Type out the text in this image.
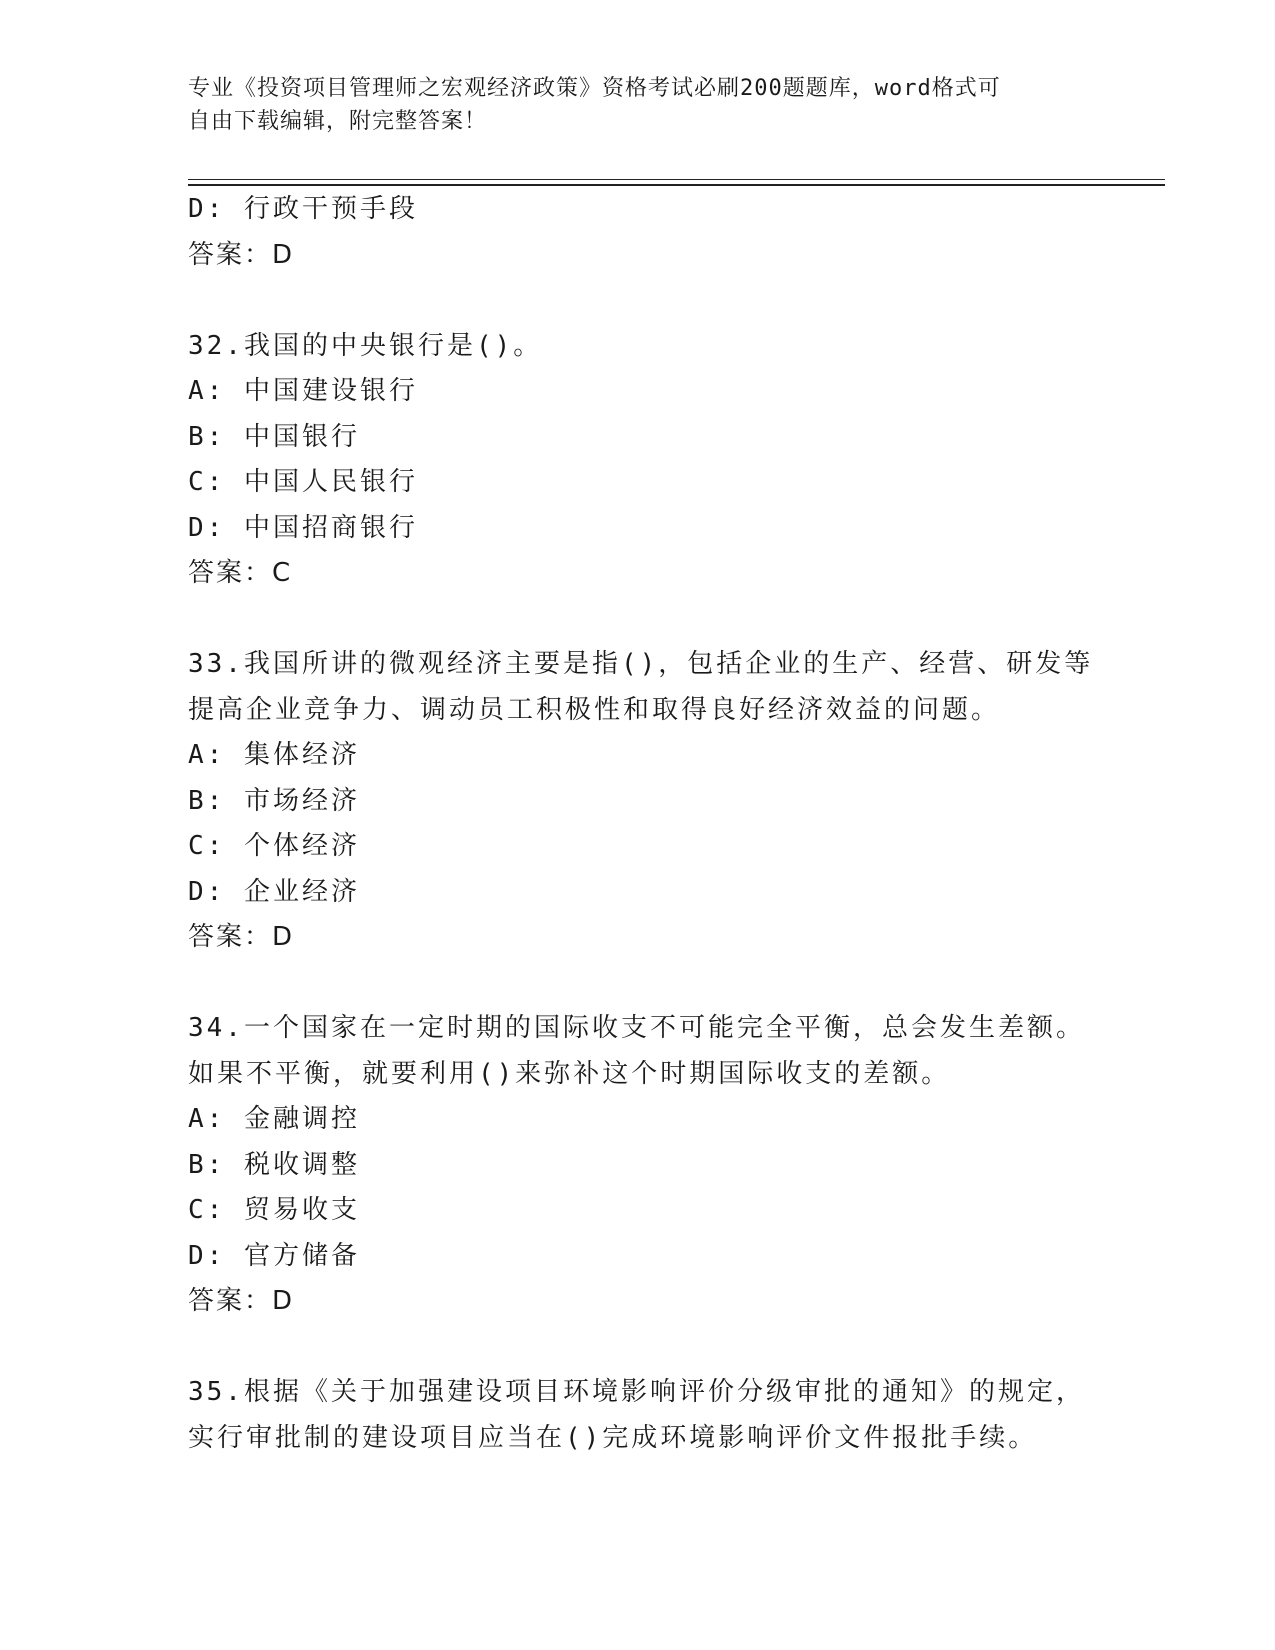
专业《投资项目管理师之宏观经济政策》资格考试必刷200题题库，word格式可
自由下载编辑，附完整答案！
D: 行政干预手段
答案：D
32.我国的中央银行是()。
A: 中国建设银行
B: 中国银行
C: 中国人民银行
D: 中国招商银行
答案：C
33.我国所讲的微观经济主要是指()，包括企业的生产、经营、研发等
提高企业竞争力、调动员工积极性和取得良好经济效益的问题。
A: 集体经济
B: 市场经济
C: 个体经济
D: 企业经济
答案：D
34.一个国家在一定时期的国际收支不可能完全平衡，总会发生差额。
如果不平衡，就要利用()来弥补这个时期国际收支的差额。
A: 金融调控
B: 税收调整
C: 贸易收支
D: 官方储备
答案：D
35.根据《关于加强建设项目环境影响评价分级审批的通知》的规定，
实行审批制的建设项目应当在()完成环境影响评价文件报批手续。
